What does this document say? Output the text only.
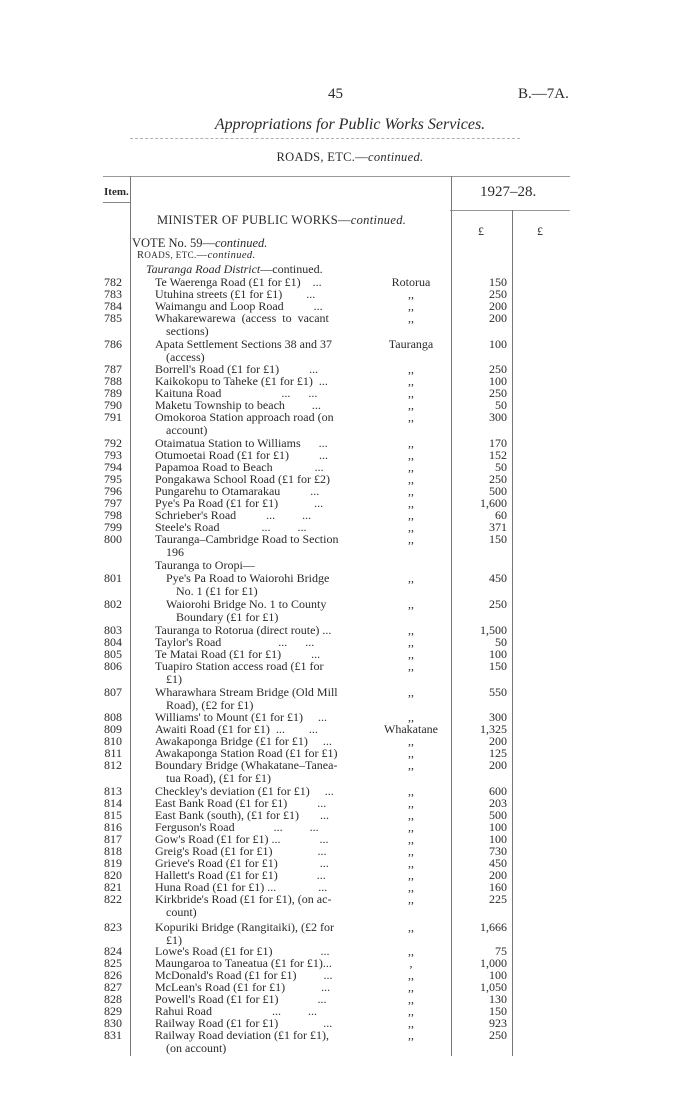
45	B.—7A.
Appropriations for Public Works Services.
ROADS, ETC.—continued.
Item.	1927–28.
MINISTER OF PUBLIC WORKS—continued.
£	£
VOTE No. 59—continued.
ROADS, ETC.—continued.
Tauranga Road District—continued.
782	Te Waerenga Road (£1 for £1)    ...	Rotorua	150
783	Utuhina streets (£1 for £1)        ...	,,	250
784	Waimangu and Loop Road          ...	,,	200
785	Whakarewarewa  (access  to  vacant	,,	200
sections)
786	Apata Settlement Sections 38 and 37	Tauranga	100
(access)
787	Borrell's Road (£1 for £1)          ...	,,	250
788	Kaikokopu to Taheke (£1 for £1)  ...	,,	100
789	Kaituna Road                    ...      ...	,,	250
790	Maketu Township to beach         ...	,,	50
791	Omokoroa Station approach road (on	,,	300
account)
792	Otaimatua Station to Williams      ...	,,	170
793	Otumoetai Road (£1 for £1)          ...	,,	152
794	Papamoa Road to Beach              ...	,,	50
795	Pongakawa School Road (£1 for £2)	,,	250
796	Pungarehu to Otamarakau          ...	,,	500
797	Pye's Pa Road (£1 for £1)            ...	,,	1,600
798	Schrieber's Road          ...         ...	,,	60
799	Steele's Road              ...         ...	,,	371
800	Tauranga–Cambridge Road to Section	,,	150
196
801	Pye's Pa Road to Waiorohi Bridge	,,	450
No. 1 (£1 for £1)
802	Waiorohi Bridge No. 1 to County	,,	250
Boundary (£1 for £1)
803	Tauranga to Rotorua (direct route) ...	,,	1,500
804	Taylor's Road                   ...      ...	,,	50
805	Te Matai Road (£1 for £1)          ...	,,	100
806	Tuapiro Station access road (£1 for	,,	150
£1)
807	Wharawhara Stream Bridge (Old Mill	,,	550
Road), (£2 for £1)
808	Williams' to Mount (£1 for £1)     ...	,,	300
809	Awaiti Road (£1 for £1)  ...        ...	Whakatane	1,325
810	Awakaponga Bridge (£1 for £1)     ...	,,	200
811	Awakaponga Station Road (£1 for £1)	,,	125
812	Boundary Bridge (Whakatane–Tanea-	,,	200
tua Road), (£1 for £1)
813	Checkley's deviation (£1 for £1)     ...	,,	600
814	East Bank Road (£1 for £1)          ...	,,	203
815	East Bank (south), (£1 for £1)       ...	,,	500
816	Ferguson's Road             ...         ...	,,	100
817	Gow's Road (£1 for £1) ...             ...	,,	100
818	Greig's Road (£1 for £1)               ...	,,	730
819	Grieve's Road (£1 for £1)              ...	,,	450
820	Hallett's Road (£1 for £1)             ...	,,	200
821	Huna Road (£1 for £1) ...              ...	,,	160
822	Kirkbride's Road (£1 for £1), (on ac-	,,	225
count)
823	Kopuriki Bridge (Rangitaiki), (£2 for	,,	1,666
£1)
824	Lowe's Road (£1 for £1)                ...	,,	75
825	Maungaroa to Taneatua (£1 for £1)...	,	1,000
826	McDonald's Road (£1 for £1)         ...	,,	100
827	McLean's Road (£1 for £1)            ...	,,	1,050
828	Powell's Road (£1 for £1)             ...	,,	130
829	Rahui Road                    ...         ...	,,	150
830	Railway Road (£1 for £1)               ...	,,	923
831	Railway Road deviation (£1 for £1),	,,	250
(on account)
Tauranga to Oropi—
